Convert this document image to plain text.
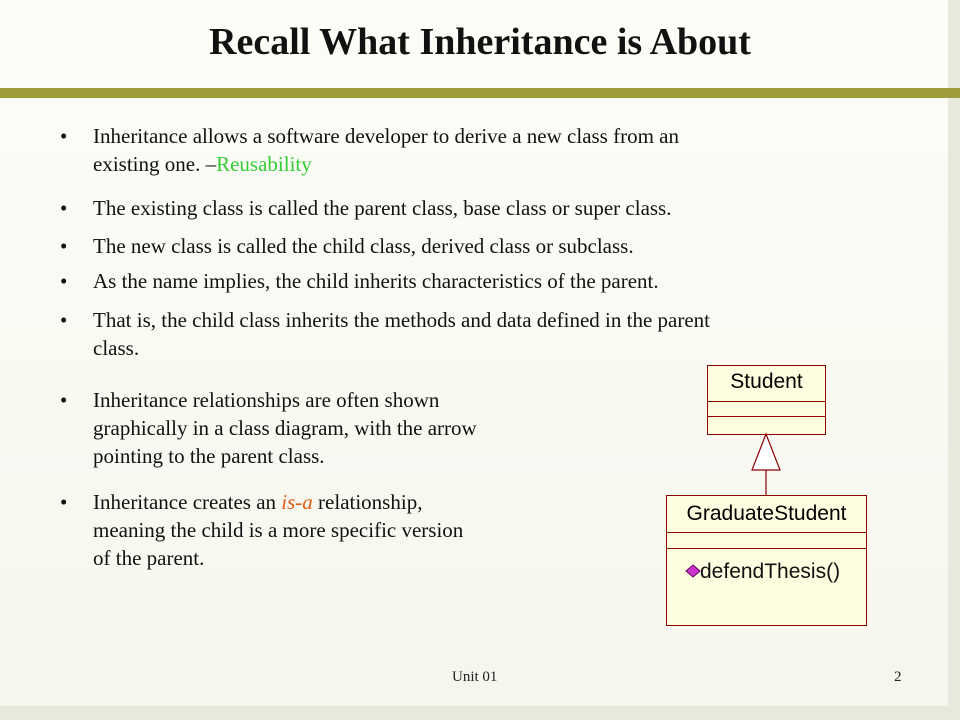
Recall What Inheritance is About
•	Inheritance allows a software developer to derive a new class from an
existing one. –Reusability
•	The existing class is called the parent class, base class or super class.
•	The new class is called the child class, derived class or subclass.
•	As the name implies, the child inherits characteristics of the parent.
•	That is, the child class inherits the methods and data defined in the parent
class.
•	Inheritance relationships are often shown
graphically in a class diagram, with the arrow
pointing to the parent class.
•	Inheritance creates an is-a relationship,
meaning the child is a more specific version
of the parent.
Student
GraduateStudent
defendThesis()
Unit 01	2
